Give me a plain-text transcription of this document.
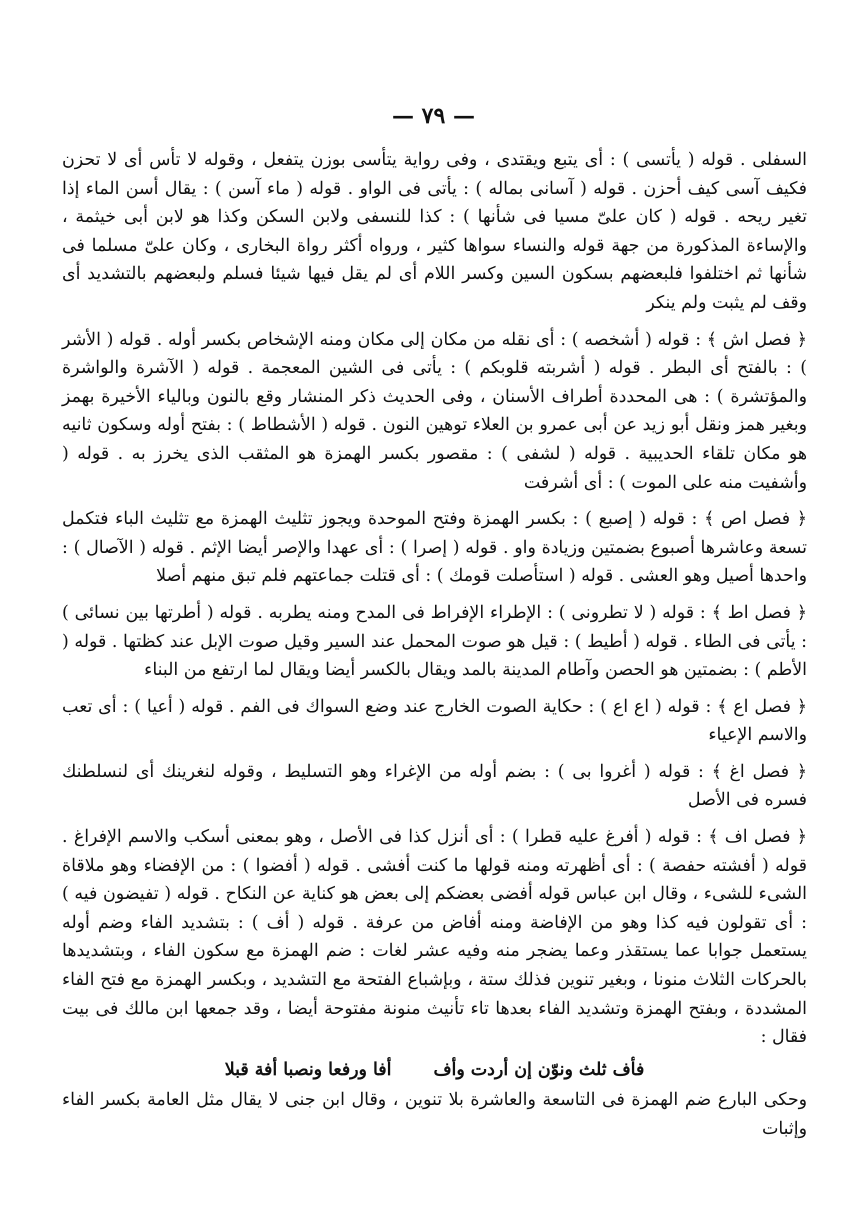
— ٧٩ —

السفلى . قوله ( يأتسى ) : أى يتبع ويقتدى ، وفى رواية يتأسى بوزن يتفعل ، وقوله لا تأس أى لا تحزن فكيف آسى كيف أحزن . قوله ( آسانى بماله ) : يأتى فى الواو . قوله ( ماء آسن ) : يقال أسن الماء إذا تغير ريحه . قوله ( كان علىّ مسيا فى شأنها ) : كذا للنسفى ولابن السكن وكذا هو لابن أبى خيثمة ، والإساءة المذكورة من جهة قوله والنساء سواها كثير ، ورواه أكثر رواة البخارى ، وكان علىّ مسلما فى شأنها ثم اختلفوا فلبعضهم بسكون السين وكسر اللام أى لم يقل فيها شيئا فسلم ولبعضهم بالتشديد أى وقف لم يثبت ولم ينكر

﴿ فصل اش ﴾ : قوله ( أشخصه ) : أى نقله من مكان إلى مكان ومنه الإشخاص بكسر أوله . قوله ( الأشر ) : بالفتح أى البطر . قوله ( أشربته قلوبكم ) : يأتى فى الشين المعجمة . قوله ( الآشرة والواشرة والمؤتشرة ) : هى المحددة أطراف الأسنان ، وفى الحديث ذكر المنشار وقع بالنون وبالياء الأخيرة بهمز وبغير همز ونقل أبو زيد عن أبى عمرو بن العلاء توهين النون . قوله ( الأشطاط ) : بفتح أوله وسكون ثانيه هو مكان تلقاء الحديبية . قوله ( لشفى ) : مقصور بكسر الهمزة هو المثقب الذى يخرز به . قوله ( وأشفيت منه على الموت ) : أى أشرفت

﴿ فصل اص ﴾ : قوله ( إصبع ) : بكسر الهمزة وفتح الموحدة ويجوز تثليث الهمزة مع تثليث الباء فتكمل تسعة وعاشرها أصبوع بضمتين وزيادة واو . قوله ( إصرا ) : أى عهدا والإصر أيضا الإثم . قوله ( الآصال ) : واحدها أصيل وهو العشى . قوله ( استأصلت قومك ) : أى قتلت جماعتهم فلم تبق منهم أصلا

﴿ فصل اط ﴾ : قوله ( لا تطرونى ) : الإطراء الإفراط فى المدح ومنه يطربه . قوله ( أطرتها بين نسائى ) : يأتى فى الطاء . قوله ( أطيط ) : قيل هو صوت المحمل عند السير وقيل صوت الإبل عند كظتها . قوله ( الأطم ) : بضمتين هو الحصن وآطام المدينة بالمد ويقال بالكسر أيضا ويقال لما ارتفع من البناء

﴿ فصل اع ﴾ : قوله ( اع اع ) : حكاية الصوت الخارج عند وضع السواك فى الفم . قوله ( أعيا ) : أى تعب والاسم الإعياء

﴿ فصل اغ ﴾ : قوله ( أغروا بى ) : بضم أوله من الإغراء وهو التسليط ، وقوله لنغرينك أى لنسلطنك فسره فى الأصل

﴿ فصل اف ﴾ : قوله ( أفرغ عليه قطرا ) : أى أنزل كذا فى الأصل ، وهو بمعنى أسكب والاسم الإفراغ . قوله ( أفشته حفصة ) : أى أظهرته ومنه قولها ما كنت أفشى . قوله ( أفضوا ) : من الإفضاء وهو ملاقاة الشىء للشىء ، وقال ابن عباس قوله أفضى بعضكم إلى بعض هو كناية عن النكاح . قوله ( تفيضون فيه ) : أى تقولون فيه كذا وهو من الإفاضة ومنه أفاض من عرفة . قوله ( أف ) : بتشديد الفاء وضم أوله يستعمل جوابا عما يستقذر وعما يضجر منه وفيه عشر لغات : ضم الهمزة مع سكون الفاء ، وبتشديدها بالحركات الثلاث منونا ، وبغير تنوين فذلك ستة ، وبإشباع الفتحة مع التشديد ، وبكسر الهمزة مع فتح الفاء المشددة ، وبفتح الهمزة وتشديد الفاء بعدها تاء تأنيث منونة مفتوحة أيضا ، وقد جمعها ابن مالك فى بيت فقال :

فأف ثلث ونوّن إن أردت وأف أفا ورفعا ونصبا أفة قبلا

وحكى البارع ضم الهمزة فى التاسعة والعاشرة بلا تنوين ، وقال ابن جنى لا يقال مثل العامة بكسر الفاء وإثبات
